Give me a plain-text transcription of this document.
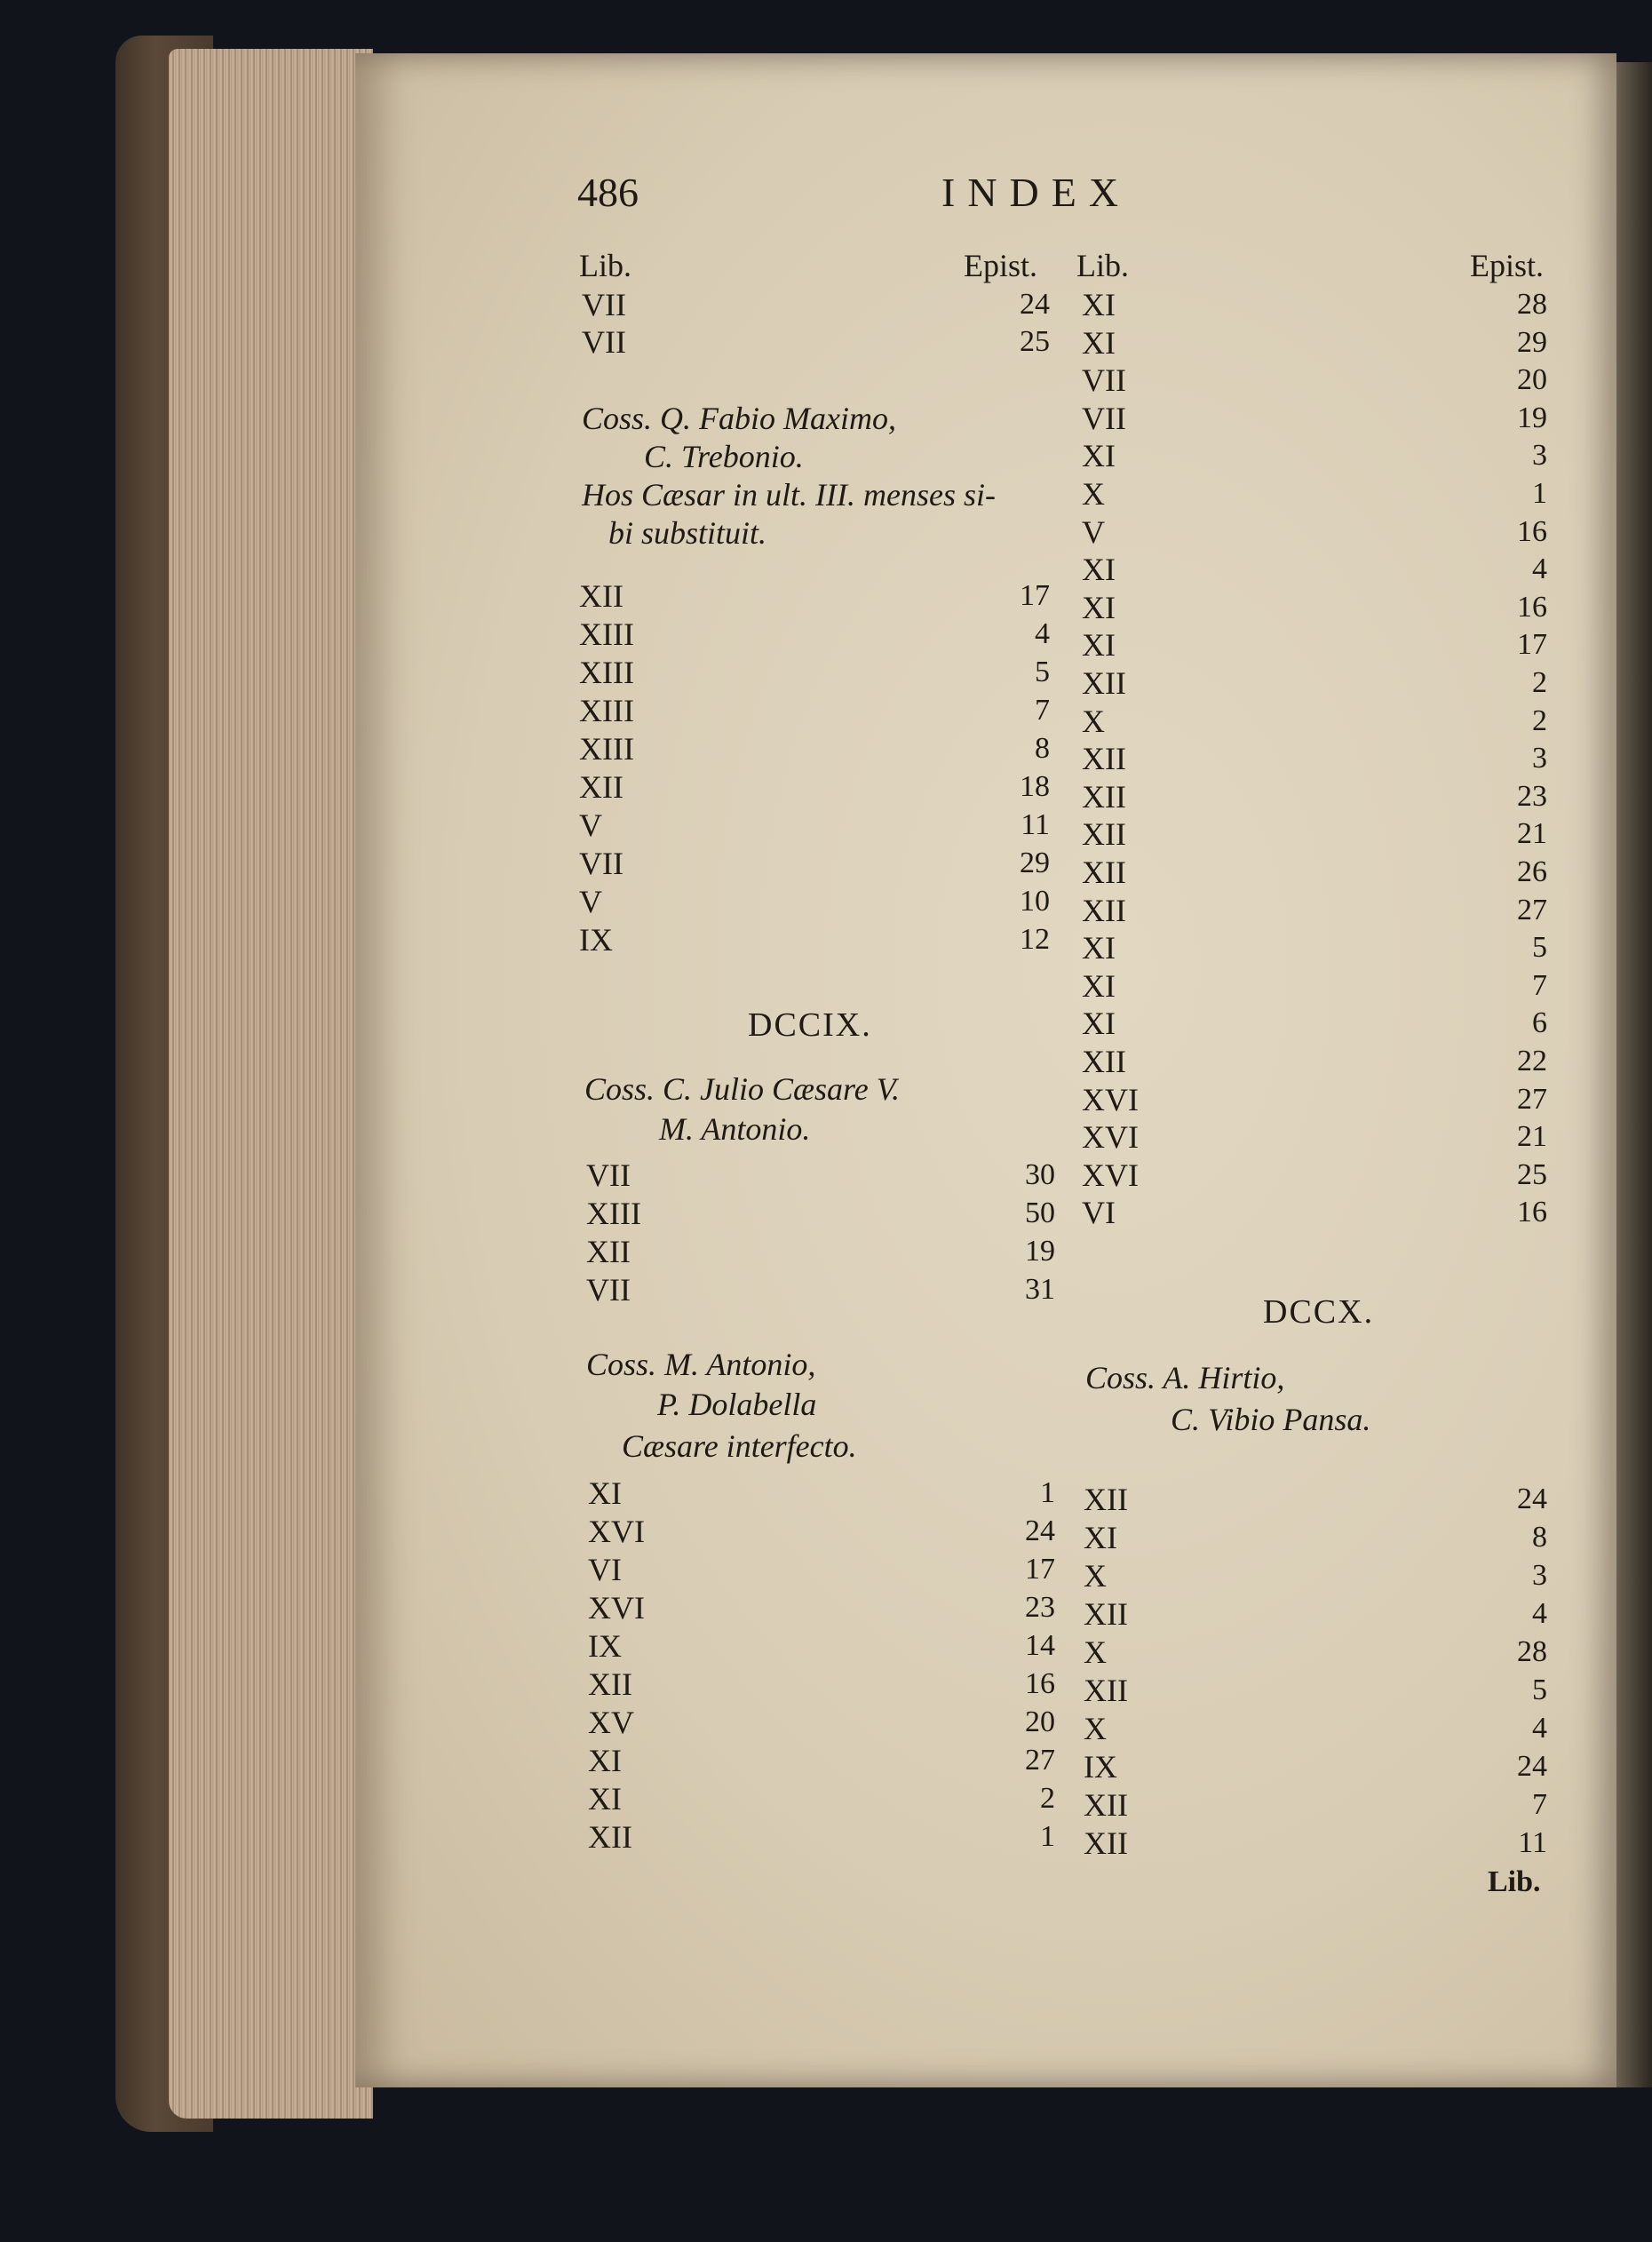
486	INDEX
Lib.	Epist. Lib.	Epist.
VII	24
VII	25
Coss. Q. Fabio Maximo,
C. Trebonio.
Hos Cæsar in ult. III. menses si-
bi substituit.
XII	17
XIII	4
XIII	5
XIII	7
XIII	8
XII	18
V	11
VII	29
V	10
IX	12
DCCIX.
Coss. C. Julio Cæsare V.
M. Antonio.
VII	30
XIII	50
XII	19
VII	31
Coss. M. Antonio,
P. Dolabella
Cæsare interfecto.
XI	1
XVI	24
VI	17
XVI	23
IX	14
XII	16
XV	20
XI	27
XI	2
XII	1
XI	28
XI	29
VII	20
VII	19
XI	3
X	1
V	16
XI	4
XI	16
XI	17
XII	2
X	2
XII	3
XII	23
XII	21
XII	26
XII	27
XI	5
XI	7
XI	6
XII	22
XVI	27
XVI	21
XVI	25
VI	16
DCCX.
Coss. A. Hirtio,
C. Vibio Pansa.
XII	24
XI	8
X	3
XII	4
X	28
XII	5
X	4
IX	24
XII	7
XII	11
Lib.
